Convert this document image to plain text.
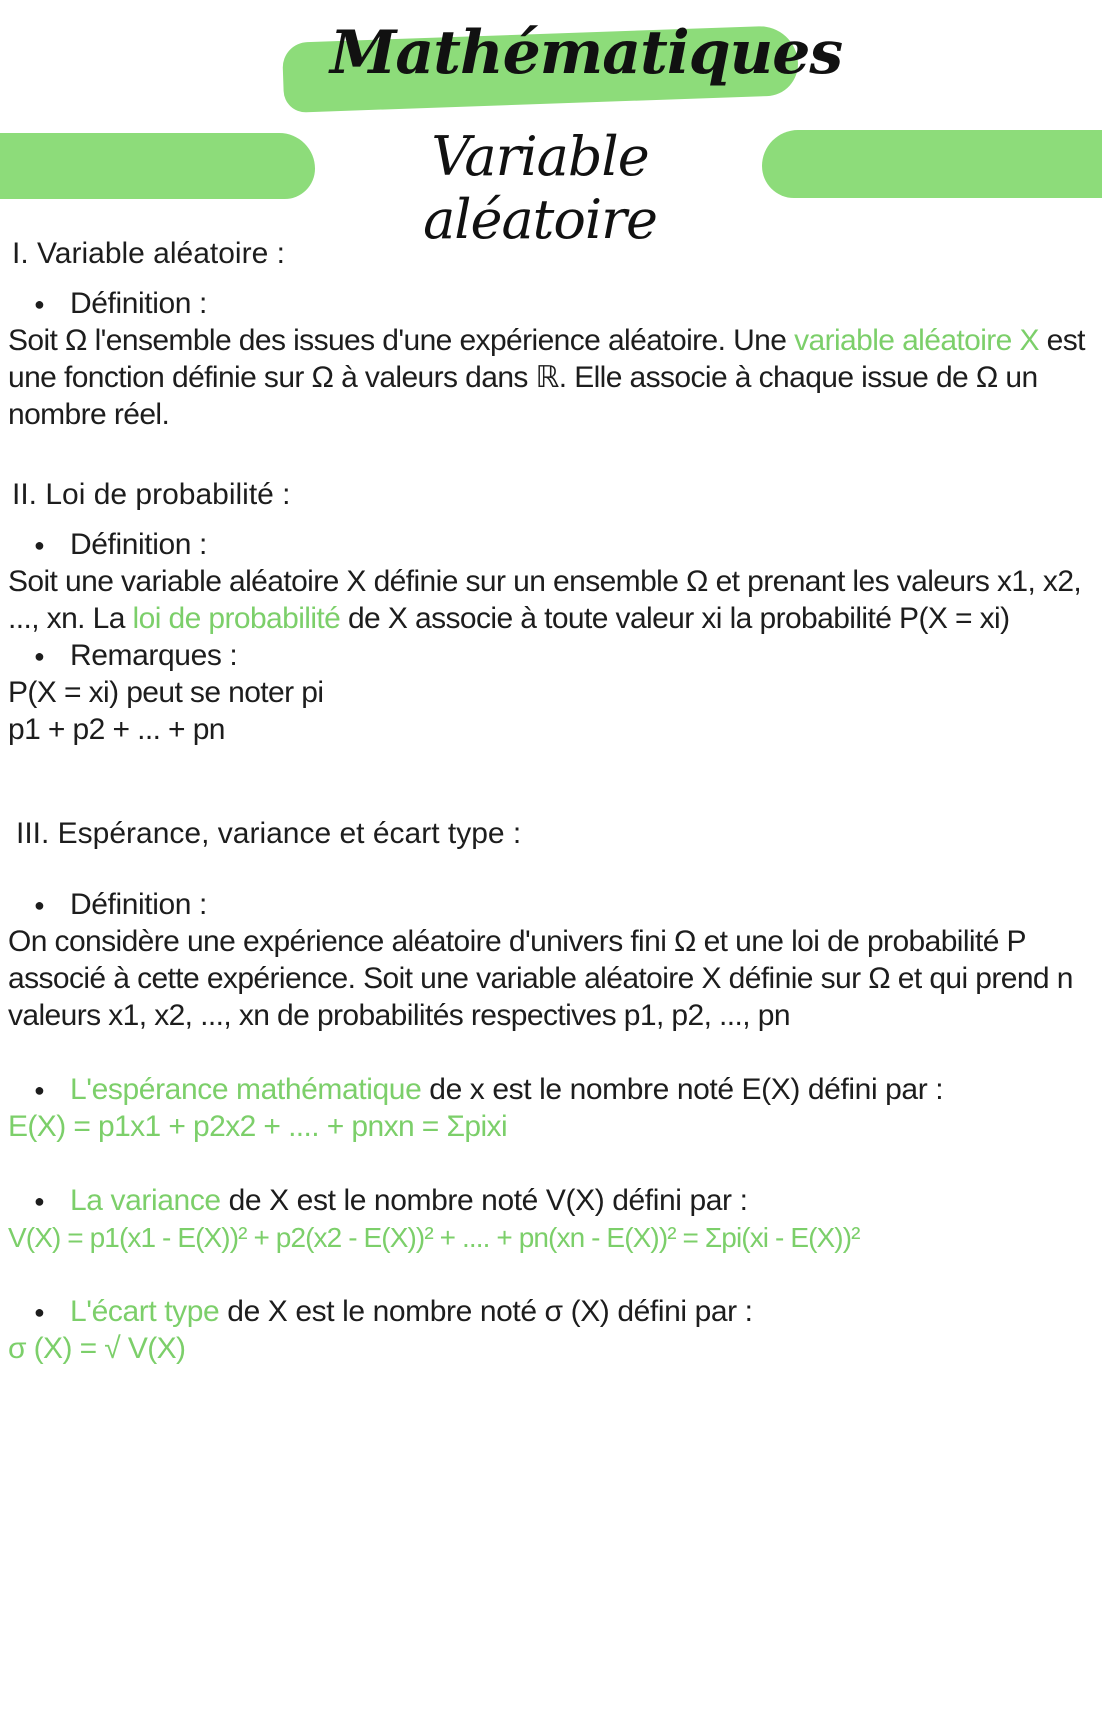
Mathématiques
Variable aléatoire
I. Variable aléatoire :
● Définition :
Soit Ω l'ensemble des issues d'une expérience aléatoire. Une variable aléatoire X est
une fonction définie sur Ω à valeurs dans ℝ. Elle associe à chaque issue de Ω un
nombre réel.
II. Loi de probabilité :
● Définition :
Soit une variable aléatoire X définie sur un ensemble Ω et prenant les valeurs x1, x2,
..., xn. La loi de probabilité de X associe à toute valeur xi la probabilité P(X = xi)
● Remarques :
P(X = xi) peut se noter pi
p1 + p2 + ... + pn
III. Espérance, variance et écart type :
● Définition :
On considère une expérience aléatoire d'univers fini Ω et une loi de probabilité P
associé à cette expérience. Soit une variable aléatoire X définie sur Ω et qui prend n
valeurs x1, x2, ..., xn de probabilités respectives p1, p2, ..., pn
● L'espérance mathématique de x est le nombre noté E(X) défini par :
E(X) = p1x1 + p2x2 + .... + pnxn = Σpixi
● La variance de X est le nombre noté V(X) défini par :
V(X) = p1(x1 - E(X))² + p2(x2 - E(X))² + .... + pn(xn - E(X))² = Σpi(xi - E(X))²
● L'écart type de X est le nombre noté σ (X) défini par :
σ (X) = √ V(X)
